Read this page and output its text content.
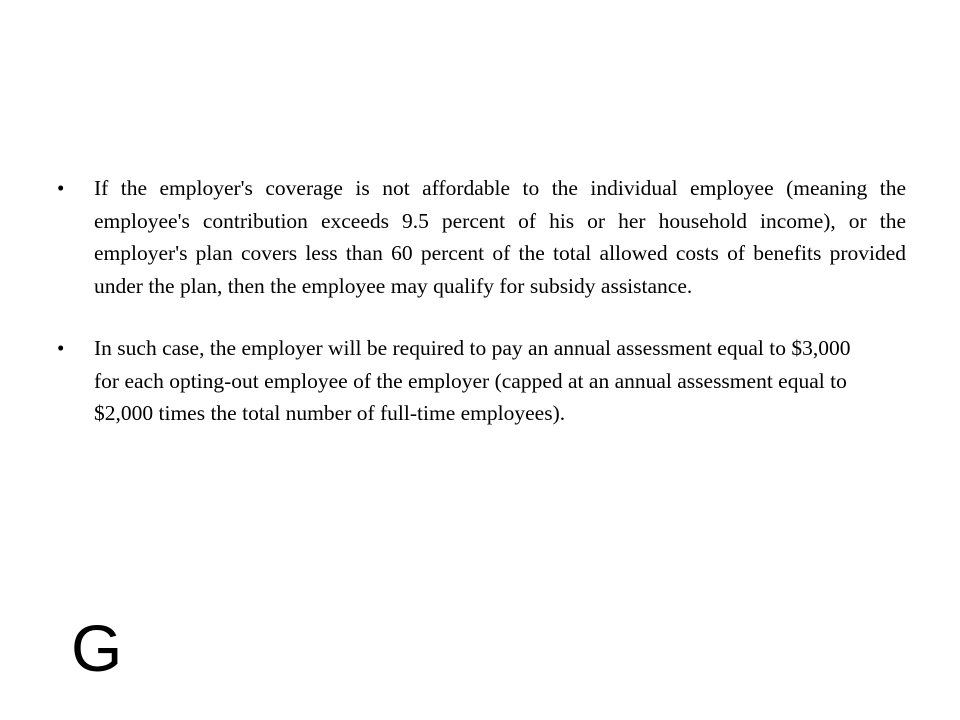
• If the employer's coverage is not affordable to the individual employee (meaning the employee's contribution exceeds 9.5 percent of his or her household income), or the employer's plan covers less than 60 percent of the total allowed costs of benefits provided under the plan, then the employee may qualify for subsidy assistance.
• In such case, the employer will be required to pay an annual assessment equal to $3,000 for each opting-out employee of the employer (capped at an annual assessment equal to $2,000 times the total number of full-time employees).
G
